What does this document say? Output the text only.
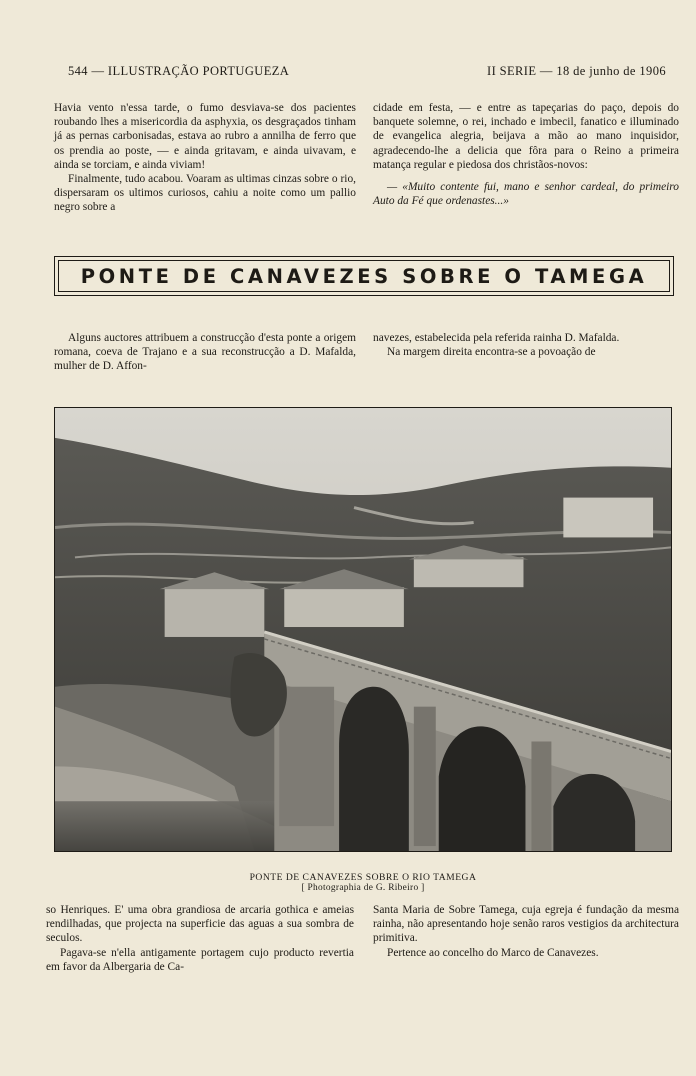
544 — ILLUSTRAÇÃO PORTUGUEZA	II SERIE — 18 de junho de 1906

Havia vento n'essa tarde, o fumo desviava-se dos pacientes roubando lhes a misericordia da asphyxia, os desgraçados tinham já as pernas carbonisadas, estava ao rubro a annilha de ferro que os prendia ao poste, — e ainda gritavam, e ainda uivavam, e ainda se torciam, e ainda viviam!

Finalmente, tudo acabou. Voaram as ultimas cinzas sobre o rio, dispersaram os ultimos curiosos, cahiu a noite como um pallio negro sobre a

cidade em festa, — e entre as tapeçarias do paço, depois do banquete solemne, o rei, inchado e imbecil, fanatico e illuminado de evangelica alegria, beijava a mão ao mano inquisidor, agradecendo-lhe a delicia que fôra para o Reino a primeira matança regular e piedosa dos christãos-novos:

— «Muito contente fui, mano e senhor cardeal, do primeiro Auto da Fé que ordenastes...»

PONTE DE CANAVEZES SOBRE O TAMEGA

Alguns auctores attribuem a construcção d'esta ponte a origem romana, coeva de Trajano e a sua reconstrucção a D. Mafalda, mulher de D. Affon-

navezes, estabelecida pela referida rainha D. Mafalda.

Na margem direita encontra-se a povoação de

PONTE DE CANAVEZES SOBRE O RIO TAMEGA
[ Photographia de G. Ribeiro ]

so Henriques. E' uma obra grandiosa de arcaria gothica e ameias rendilhadas, que projecta na superficie das aguas a sua sombra de seculos.

Pagava-se n'ella antigamente portagem cujo producto revertia em favor da Albergaria de Ca-

Santa Maria de Sobre Tamega, cuja egreja é fundação da mesma rainha, não apresentando hoje senão raros vestigios da architectura primitiva.

Pertence ao concelho do Marco de Canavezes.
